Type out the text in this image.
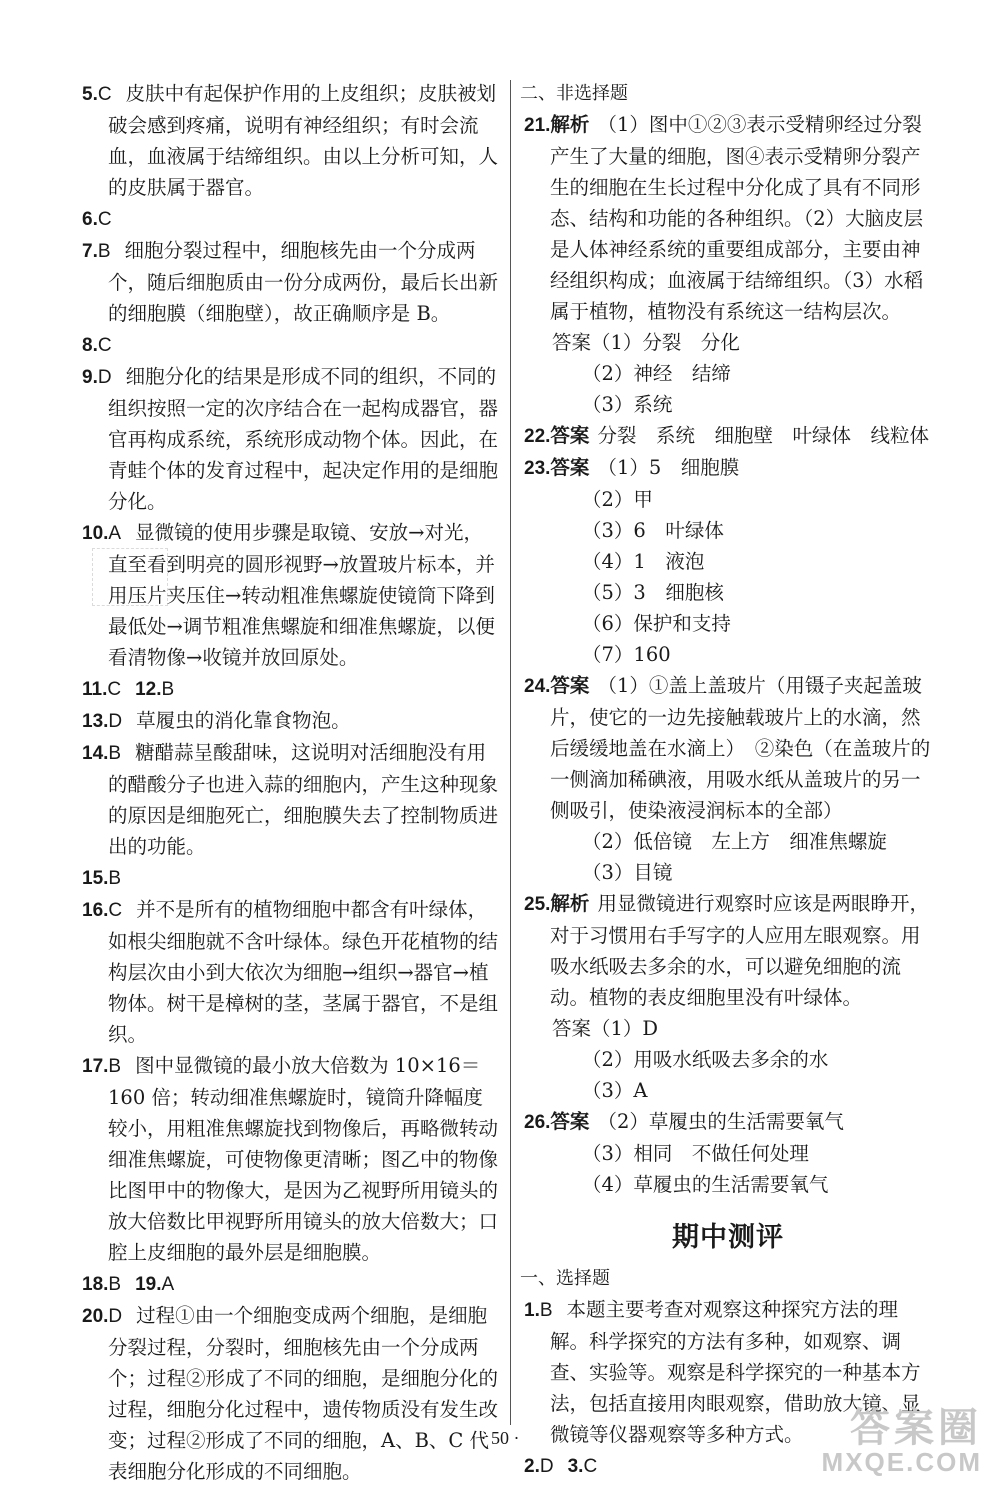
5.C 皮肤中有起保护作用的上皮组织；皮肤被划破会感到疼痛，说明有神经组织；有时会流血，血液属于结缔组织。由以上分析可知，人的皮肤属于器官。

6.C

7.B 细胞分裂过程中，细胞核先由一个分成两个，随后细胞质由一份分成两份，最后长出新的细胞膜（细胞壁），故正确顺序是 B。

8.C

9.D 细胞分化的结果是形成不同的组织，不同的组织按照一定的次序结合在一起构成器官，器官再构成系统，系统形成动物个体。因此，在青蛙个体的发育过程中，起决定作用的是细胞分化。

10.A 显微镜的使用步骤是取镜、安放→对光，直至看到明亮的圆形视野→放置玻片标本，并用压片夹压住→转动粗准焦螺旋使镜筒下降到最低处→调节粗准焦螺旋和细准焦螺旋，以便看清物像→收镜并放回原处。

11.C 12.B

13.D 草履虫的消化靠食物泡。

14.B 糖醋蒜呈酸甜味，这说明对活细胞没有用的醋酸分子也进入蒜的细胞内，产生这种现象的原因是细胞死亡，细胞膜失去了控制物质进出的功能。

15.B

16.C 并不是所有的植物细胞中都含有叶绿体，如根尖细胞就不含叶绿体。绿色开花植物的结构层次由小到大依次为细胞→组织→器官→植物体。树干是樟树的茎，茎属于器官，不是组织。

17.B 图中显微镜的最小放大倍数为 10×16＝160 倍；转动细准焦螺旋时，镜筒升降幅度较小，用粗准焦螺旋找到物像后，再略微转动细准焦螺旋，可使物像更清晰；图乙中的物像比图甲中的物像大，是因为乙视野所用镜头的放大倍数比甲视野所用镜头的放大倍数大；口腔上皮细胞的最外层是细胞膜。

18.B 19.A

20.D 过程①由一个细胞变成两个细胞，是细胞分裂过程，分裂时，细胞核先由一个分成两个；过程②形成了不同的细胞，是细胞分化的过程，细胞分化过程中，遗传物质没有发生改变；过程②形成了不同的细胞，A、B、C 代表细胞分化形成的不同细胞。

二、非选择题

21.解析 （1）图中①②③表示受精卵经过分裂产生了大量的细胞，图④表示受精卵分裂产生的细胞在生长过程中分化成了具有不同形态、结构和功能的各种组织。（2）大脑皮层是人体神经系统的重要组成部分，主要由神经组织构成；血液属于结缔组织。（3）水稻属于植物，植物没有系统这一结构层次。

答案（1）分裂　分化

（2）神经　结缔

（3）系统

22.答案 分裂　系统　细胞壁　叶绿体　线粒体

23.答案 （1）5　细胞膜

（2）甲

（3）6　叶绿体

（4）1　液泡

（5）3　细胞核

（6）保护和支持

（7）160

24.答案 （1）①盖上盖玻片（用镊子夹起盖玻片，使它的一边先接触载玻片上的水滴，然后缓缓地盖在水滴上）　②染色（在盖玻片的一侧滴加稀碘液，用吸水纸从盖玻片的另一侧吸引，使染液浸润标本的全部）

（2）低倍镜　左上方　细准焦螺旋

（3）目镜

25.解析 用显微镜进行观察时应该是两眼睁开，对于习惯用右手写字的人应用左眼观察。用吸水纸吸去多余的水，可以避免细胞的流动。植物的表皮细胞里没有叶绿体。

答案（1）D

（2）用吸水纸吸去多余的水

（3）A

26.答案 （2）草履虫的生活需要氧气

（3）相同　不做任何处理

（4）草履虫的生活需要氧气

期中测评

一、选择题

1.B 本题主要考查对观察这种探究方法的理解。科学探究的方法有多种，如观察、调查、实验等。观察是科学探究的一种基本方法，包括直接用肉眼观察，借助放大镜、显微镜等仪器观察等多种方式。

2.D 3.C

· 50 ·	答案圈
MXQE.COM
